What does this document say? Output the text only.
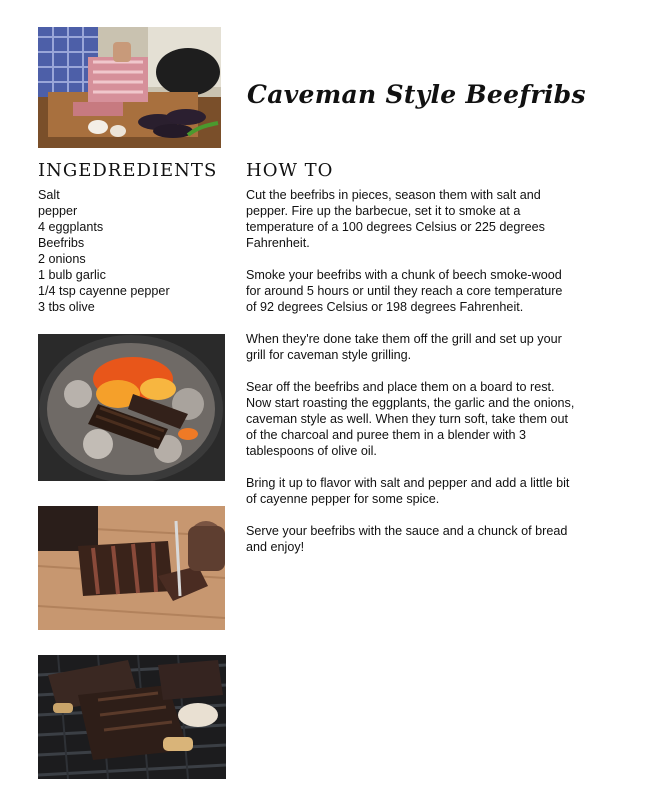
Caveman Style Beefribs
INGEDREDIENTS HOW TO
Salt
pepper
4 eggplants
Beefribs
2 onions
1 bulb garlic
1/4 tsp cayenne pepper
3 tbs olive

Cut the beefribs in pieces, season them with salt and pepper. Fire up the barbecue, set it to smoke at a temperature of a 100 degrees Celsius or 225 degrees Fahrenheit.

Smoke your beefribs with a chunk of beech smoke-wood for around 5 hours or until they reach a core temperature of 92 degrees Celsius or 198 degrees Fahrenheit.

When they're done take them off the grill and set up your grill for caveman style grilling.

Sear off the beefribs and place them on a board to rest. Now start roasting the eggplants, the garlic and the onions, caveman style as well. When they turn soft, take them out of the charcoal and puree them in a blender with 3 tablespoons of olive oil.

Bring it up to flavor with salt and pepper and add a little bit of cayenne pepper for some spice.

Serve your beefribs with the sauce and a chunck of bread and enjoy!
